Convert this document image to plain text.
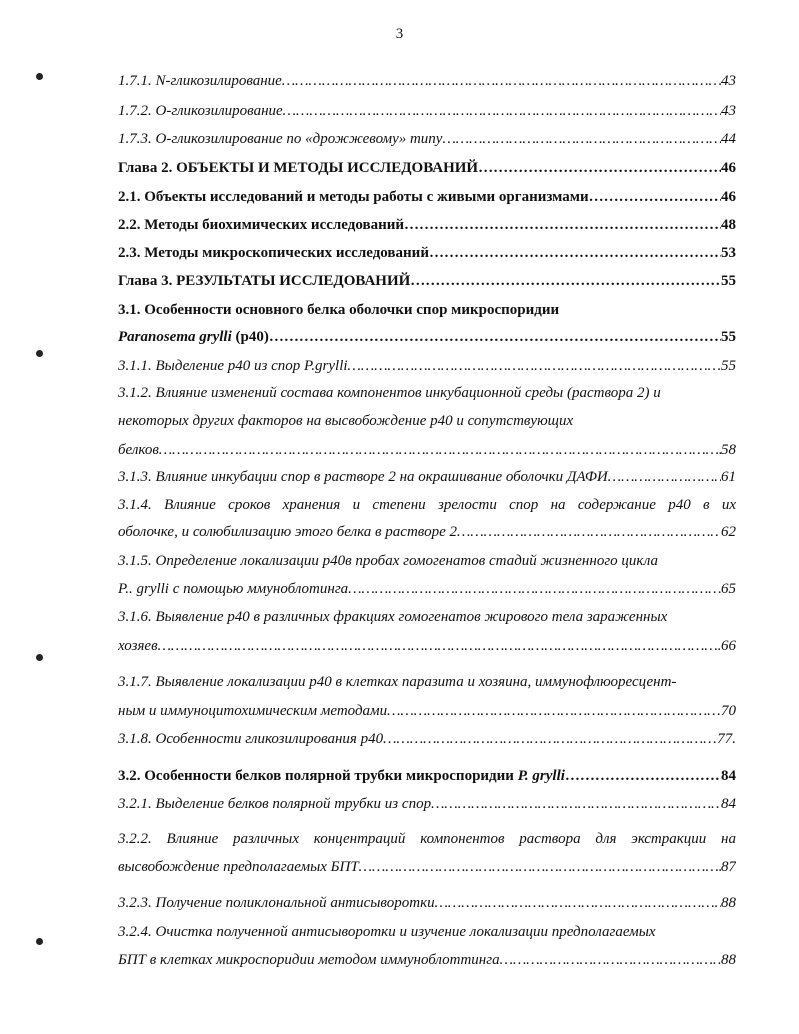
3
1.7.1. N-гликозилирование ………………………………………………………………………………………………………………………………………………………………………………………………………	43
1.7.2. О-гликозилирование ………………………………………………………………………………………………………………………………………………………………………………………………………	43
1.7.3. О-гликозилирование по «дрожжевому» типу ………………………………………………………………………………………………………………………………………………………………………………………………………	44
Глава 2. ОБЪЕКТЫ И МЕТОДЫ ИССЛЕДОВАНИЙ ………………………………………………………………………………………………………………………………………………………………………………………………………	46
2.1. Объекты исследований и методы работы с живыми организмами ………………………………………………………………………………………………………………………………………………………………………………………………………	46
2.2. Методы биохимических исследований ………………………………………………………………………………………………………………………………………………………………………………………………………	48
2.3. Методы микроскопических исследований ………………………………………………………………………………………………………………………………………………………………………………………………………	53
Глава 3. РЕЗУЛЬТАТЫ ИССЛЕДОВАНИЙ ………………………………………………………………………………………………………………………………………………………………………………………………………	55
3.1. Особенности основного белка оболочки спор микроспоридии
Paranosema grylli (р40) ………………………………………………………………………………………………………………………………………………………………………………………………………	55
3.1.1. Выделение р40 из спор P.grylli ………………………………………………………………………………………………………………………………………………………………………………………………………	55
3.1.2. Влияние изменений состава компонентов инкубационной среды (раствора 2) и
некоторых других факторов на высвобождение р40 и сопутствующих
белков ………………………………………………………………………………………………………………………………………………………………………………………………………	58
3.1.3. Влияние инкубации спор в растворе 2 на окрашивание оболочки ДАФИ ………………………………………………………………………………………………………………………………………………………………………………………………………	61
3.1.4. Влияние сроков хранения и степени зрелости спор на содержание р40 в их
оболочке, и солюбилизацию этого белка в растворе 2 ………………………………………………………………………………………………………………………………………………………………………………………………………	62
3.1.5. Определение локализации р40в пробах гомогенатов стадий жизненного цикла
P.. grylli с помощью ммуноблотинга ………………………………………………………………………………………………………………………………………………………………………………………………………	65
3.1.6. Выявление р40 в различных фракциях гомогенатов жирового тела зараженных
хозяев ………………………………………………………………………………………………………………………………………………………………………………………………………	66
3.1.7. Выявление локализации р40 в клетках паразита и хозяина, иммунофлюоресцент-
ным и иммуноцитохимическим методами ………………………………………………………………………………………………………………………………………………………………………………………………………	70
3.1.8. Особенности гликозилирования р40 ………………………………………………………………………………………………………………………………………………………………………………………………………	77.
3.2. Особенности белков полярной трубки микроспоридии P. grylli ………………………………………………………………………………………………………………………………………………………………………………………………………	84
3.2.1. Выделение белков полярной трубки из спор ………………………………………………………………………………………………………………………………………………………………………………………………………	84
3.2.2. Влияние различных концентраций компонентов раствора для экстракции на
высвобождение предполагаемых БПТ ………………………………………………………………………………………………………………………………………………………………………………………………………	87
3.2.3. Получение поликлональной антисыворотки ………………………………………………………………………………………………………………………………………………………………………………………………………	88
3.2.4. Очистка полученной антисыворотки и изучение локализации предполагаемых
БПТ в клетках микроспоридии методом иммуноблоттинга ………………………………………………………………………………………………………………………………………………………………………………………………………	88
